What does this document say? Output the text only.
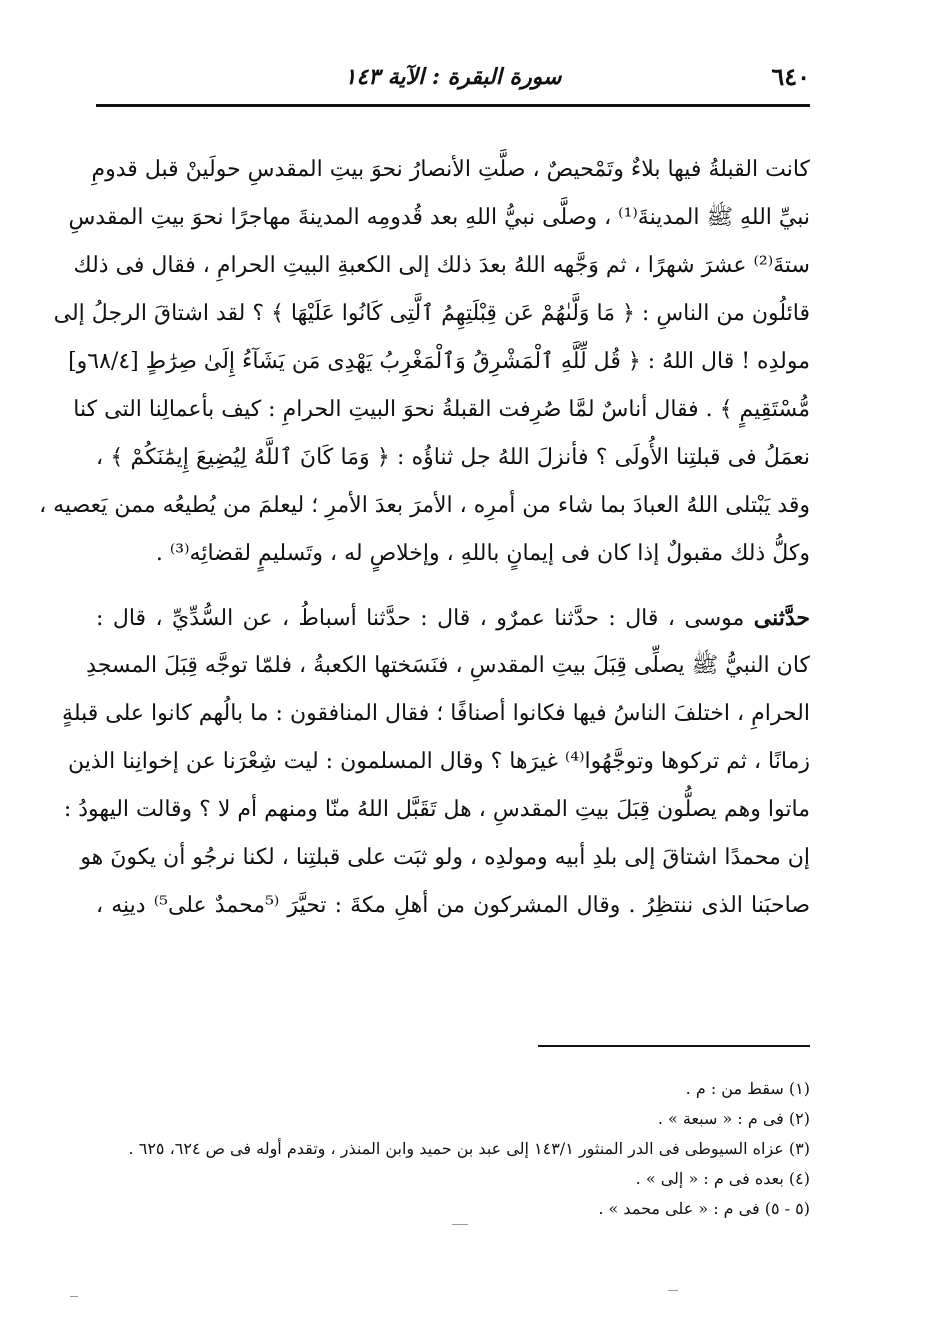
٦٤٠
سورة البقرة : الآية ١٤٣
كانت القبلةُ فيها بلاءٌ وتَمْحيصٌ ، صلَّتِ الأنصارُ نحوَ بيتِ المقدسِ حولَينْ قبل قدومِ
نبيِّ اللهِ ﷺ المدينةَ⁽¹⁾ ، وصلَّى نبيُّ اللهِ بعد قُدومِه المدينةَ مهاجرًا نحوَ بيتِ المقدسِ
ستةَ⁽²⁾ عشرَ شهرًا ، ثم وَجَّهه اللهُ بعدَ ذلك إلى الكعبةِ البيتِ الحرامِ ، فقال فى ذلك
قائلُون من الناسِ : ﴿ مَا وَلَّىٰهُمْ عَن قِبْلَتِهِمُ ٱلَّتِى كَانُوا عَلَيْهَا ﴾ ؟ لقد اشتاقَ الرجلُ إلى
مولدِه ! قال اللهُ : ﴿ قُل لِّلَّهِ ٱلْمَشْرِقُ وَٱلْمَغْرِبُ يَهْدِى مَن يَشَآءُ إِلَىٰ صِرَٰطٍ [٦٨/٤و]
مُّسْتَقِيمٍ ﴾ . فقال أناسٌ لمَّا صُرِفت القبلةُ نحوَ البيتِ الحرامِ : كيف بأعمالِنا التى كنا
نعمَلُ فى قبلتِنا الأُولَى ؟ فأنزلَ اللهُ جل ثناؤُه : ﴿ وَمَا كَانَ ٱللَّهُ لِيُضِيعَ إِيمَٰنَكُمْ ﴾ ،
وقد يَبْتلى اللهُ العبادَ بما شاء من أمرِه ، الأمرَ بعدَ الأمرِ ؛ ليعلمَ من يُطيعُه ممن يَعصيه ،
وكلُّ ذلك مقبولٌ إذا كان فى إيمانٍ باللهِ ، وإخلاصٍ له ، وتَسليمٍ لقضائِه⁽³⁾ .
حدَّثنى موسى ، قال : حدَّثنا عمرٌو ، قال : حدَّثنا أسباطُ ، عن السُّدِّيِّ ، قال :
كان النبيُّ ﷺ يصلِّى قِبَلَ بيتِ المقدسِ ، فنَسَختها الكعبةُ ، فلمّا توجَّه قِبَلَ المسجدِ
الحرامِ ، اختلفَ الناسُ فيها فكانوا أصنافًا ؛ فقال المنافقون : ما بالُهم كانوا على قبلةٍ
زمانًا ، ثم تركوها وتوجَّهُوا⁽⁴⁾ غيرَها ؟ وقال المسلمون : ليت شِعْرَنا عن إخوانِنا الذين
ماتوا وهم يصلُّون قِبَلَ بيتِ المقدسِ ، هل تَقَبَّل اللهُ منّا ومنهم أم لا ؟ وقالت اليهودُ :
إن محمدًا اشتاقَ إلى بلدِ أبيه ومولدِه ، ولو ثبَت على قبلتِنا ، لكنا نرجُو أن يكونَ هو
صاحبَنا الذى ننتظِرُ . وقال المشركون من أهلِ مكةَ : تحيَّرَ ⁽⁵محمدٌ على⁵⁾ دينِه ،
(١) سقط من : م .
(٢) فى م : « سبعة » .
(٣) عزاه السيوطى فى الدر المنثور ١٤٣/١ إلى عبد بن حميد وابن المنذر ، وتقدم أوله فى ص ٦٢٤، ٦٢٥ .
(٤) بعده فى م : « إلى » .
(٥ - ٥) فى م : « على محمد » .
